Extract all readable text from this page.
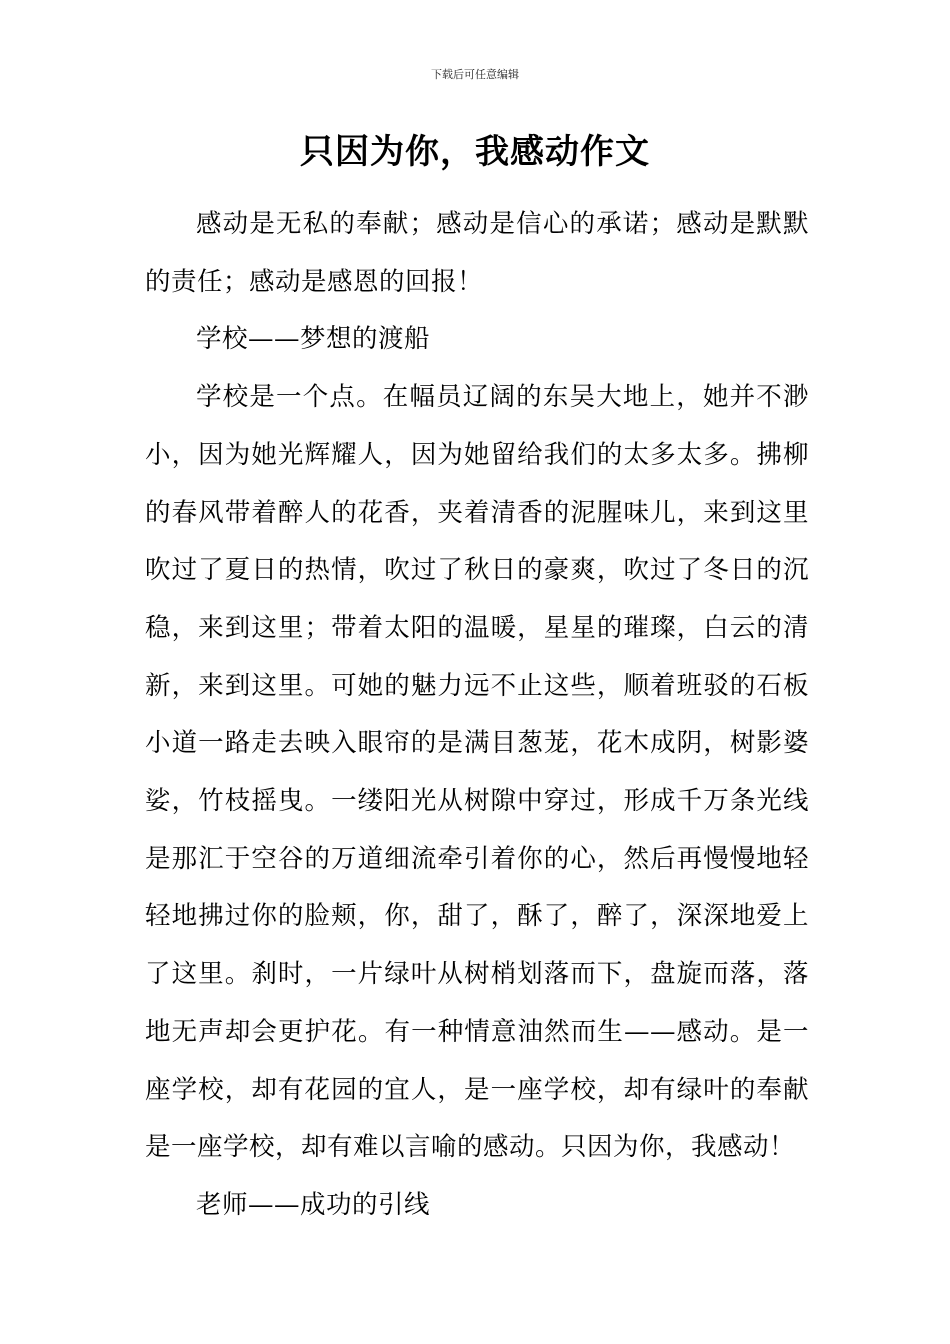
下载后可任意编辑
只因为你，我感动作文

感动是无私的奉献；感动是信心的承诺；感动是默默的责任；感动是感恩的回报！

学校——梦想的渡船

学校是一个点。在幅员辽阔的东吴大地上，她并不渺小，因为她光辉耀人，因为她留给我们的太多太多。拂柳的春风带着醉人的花香，夹着清香的泥腥味儿，来到这里吹过了夏日的热情，吹过了秋日的豪爽，吹过了冬日的沉稳，来到这里；带着太阳的温暖，星星的璀璨，白云的清新，来到这里。可她的魅力远不止这些，顺着班驳的石板小道一路走去映入眼帘的是满目葱茏，花木成阴，树影婆娑，竹枝摇曳。一缕阳光从树隙中穿过，形成千万条光线是那汇于空谷的万道细流牵引着你的心，然后再慢慢地轻轻地拂过你的脸颊，你，甜了，酥了，醉了，深深地爱上了这里。刹时，一片绿叶从树梢划落而下，盘旋而落，落地无声却会更护花。有一种情意油然而生——感动。是一座学校，却有花园的宜人，是一座学校，却有绿叶的奉献是一座学校，却有难以言喻的感动。只因为你，我感动！

老师——成功的引线
